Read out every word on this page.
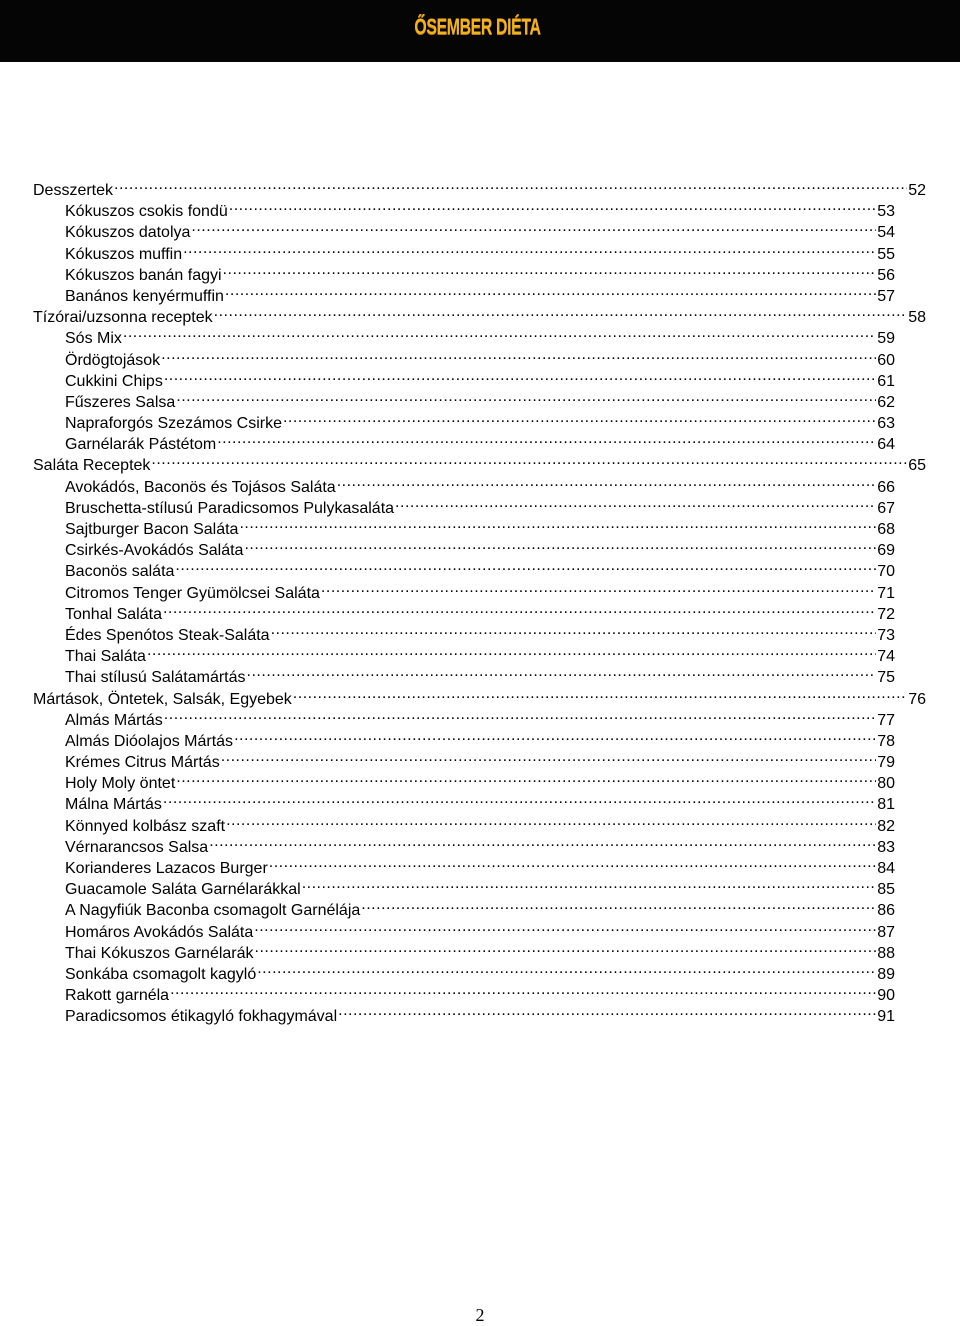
ŐSEMBER DIÉTA
Desszertek .....	52
Kókuszos csokis fondü .....	53
Kókuszos datolya .....	54
Kókuszos muffin .....	55
Kókuszos banán fagyi .....	56
Banános kenyérmuffin .....	57
Tízórai/uzsonna receptek .....	58
Sós Mix .....	59
Ördögtojások .....	60
Cukkini Chips .....	61
Fűszeres Salsa .....	62
Napraforgós Szezámos Csirke .....	63
Garnélarák Pástétom .....	64
Saláta Receptek .....	65
Avokádós, Baconös és Tojásos Saláta .....	66
Bruschetta-stílusú Paradicsomos Pulykasaláta .....	67
Sajtburger Bacon Saláta .....	68
Csirkés-Avokádós Saláta .....	69
Baconös saláta .....	70
Citromos Tenger Gyümölcsei Saláta .....	71
Tonhal Saláta .....	72
Édes Spenótos Steak-Saláta .....	73
Thai Saláta .....	74
Thai stílusú Salátamártás .....	75
Mártások, Öntetek, Salsák, Egyebek .....	76
Almás Mártás .....	77
Almás Dióolajos Mártás .....	78
Krémes Citrus Mártás .....	79
Holy Moly öntet .....	80
Málna Mártás .....	81
Könnyed kolbász szaft .....	82
Vérnarancsos Salsa .....	83
Korianderes Lazacos Burger .....	84
Guacamole Saláta Garnélarákkal .....	85
A Nagyfiúk Baconba csomagolt Garnélája .....	86
Homáros Avokádós Saláta .....	87
Thai Kókuszos Garnélarák .....	88
Sonkába csomagolt kagyló .....	89
Rakott garnéla .....	90
Paradicsomos étikagyló fokhagymával .....	91
2
